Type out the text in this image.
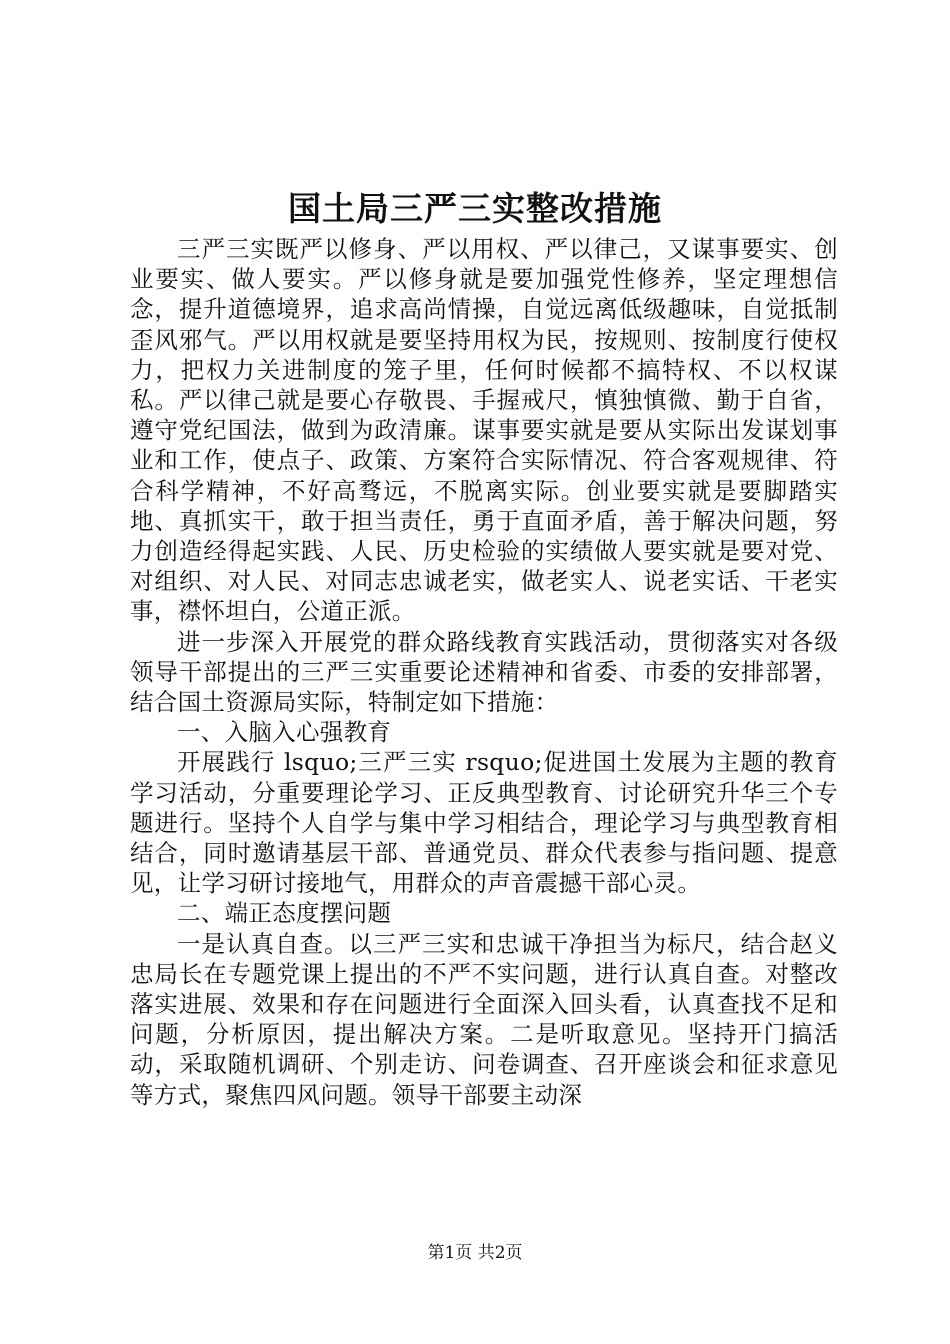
国土局三严三实整改措施

三严三实既严以修身、严以用权、严以律己，又谋事要实、创业要实、做人要实。严以修身就是要加强党性修养，坚定理想信念，提升道德境界，追求高尚情操，自觉远离低级趣味，自觉抵制歪风邪气。严以用权就是要坚持用权为民，按规则、按制度行使权力，把权力关进制度的笼子里，任何时候都不搞特权、不以权谋私。严以律己就是要心存敬畏、手握戒尺，慎独慎微、勤于自省，遵守党纪国法，做到为政清廉。谋事要实就是要从实际出发谋划事业和工作，使点子、政策、方案符合实际情况、符合客观规律、符合科学精神，不好高骛远，不脱离实际。创业要实就是要脚踏实地、真抓实干，敢于担当责任，勇于直面矛盾，善于解决问题，努力创造经得起实践、人民、历史检验的实绩做人要实就是要对党、对组织、对人民、对同志忠诚老实，做老实人、说老实话、干老实事，襟怀坦白，公道正派。

进一步深入开展党的群众路线教育实践活动，贯彻落实对各级领导干部提出的三严三实重要论述精神和省委、市委的安排部署，结合国土资源局实际，特制定如下措施：

一、入脑入心强教育

开展践行 lsquo;三严三实 rsquo;促进国土发展为主题的教育学习活动，分重要理论学习、正反典型教育、讨论研究升华三个专题进行。坚持个人自学与集中学习相结合，理论学习与典型教育相结合，同时邀请基层干部、普通党员、群众代表参与指问题、提意见，让学习研讨接地气，用群众的声音震撼干部心灵。

二、端正态度摆问题

一是认真自查。以三严三实和忠诚干净担当为标尺，结合赵义忠局长在专题党课上提出的不严不实问题，进行认真自查。对整改落实进展、效果和存在问题进行全面深入回头看，认真查找不足和问题，分析原因，提出解决方案。二是听取意见。坚持开门搞活动，采取随机调研、个别走访、问卷调查、召开座谈会和征求意见等方式，聚焦四风问题。领导干部要主动深

第1页 共2页
